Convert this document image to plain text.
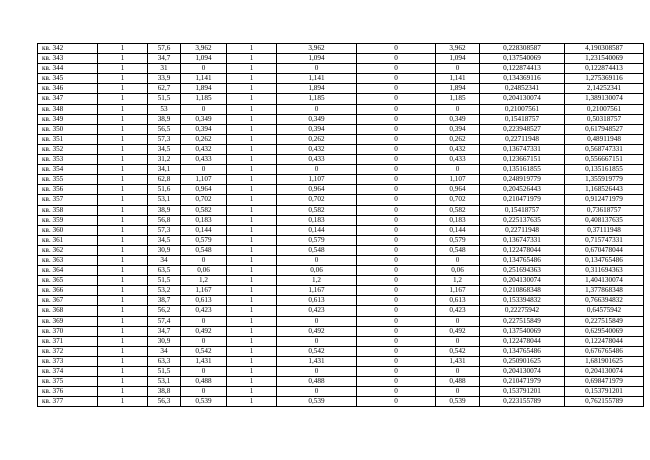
кв. 342	1	57,6	3,962	1	3,962	0	3,962	0,228308587	4,190308587
кв. 343	1	34,7	1,094	1	1,094	0	1,094	0,137540069	1,231540069
кв. 344	1	31	0	1	0	0	0	0,122874413	0,122874413
кв. 345	1	33,9	1,141	1	1,141	0	1,141	0,134369116	1,275369116
кв. 346	1	62,7	1,894	1	1,894	0	1,894	0,24852341	2,14252341
кв. 347	1	51,5	1,185	1	1,185	0	1,185	0,204130074	1,389130074
кв. 348	1	53	0	1	0	0	0	0,21007561	0,21007561
кв. 349	1	38,9	0,349	1	0,349	0	0,349	0,15418757	0,50318757
кв. 350	1	56,5	0,394	1	0,394	0	0,394	0,223948527	0,617948527
кв. 351	1	57,3	0,262	1	0,262	0	0,262	0,22711948	0,48911948
кв. 352	1	34,5	0,432	1	0,432	0	0,432	0,136747331	0,568747331
кв. 353	1	31,2	0,433	1	0,433	0	0,433	0,123667151	0,556667151
кв. 354	1	34,1	0	1	0	0	0	0,135161855	0,135161855
кв. 355	1	62,8	1,107	1	1,107	0	1,107	0,248919779	1,355919779
кв. 356	1	51,6	0,964	1	0,964	0	0,964	0,204526443	1,168526443
кв. 357	1	53,1	0,702	1	0,702	0	0,702	0,210471979	0,912471979
кв. 358	1	38,9	0,582	1	0,582	0	0,582	0,15418757	0,73618757
кв. 359	1	56,8	0,183	1	0,183	0	0,183	0,225137635	0,408137635
кв. 360	1	57,3	0,144	1	0,144	0	0,144	0,22711948	0,37111948
кв. 361	1	34,5	0,579	1	0,579	0	0,579	0,136747331	0,715747331
кв. 362	1	30,9	0,548	1	0,548	0	0,548	0,122478044	0,670478044
кв. 363	1	34	0	1	0	0	0	0,134765486	0,134765486
кв. 364	1	63,5	0,06	1	0,06	0	0,06	0,251694363	0,311694363
кв. 365	1	51,5	1,2	1	1,2	0	1,2	0,204130074	1,404130074
кв. 366	1	53,2	1,167	1	1,167	0	1,167	0,210868348	1,377868348
кв. 367	1	38,7	0,613	1	0,613	0	0,613	0,153394832	0,766394832
кв. 368	1	56,2	0,423	1	0,423	0	0,423	0,22275942	0,64575942
кв. 369	1	57,4	0	1	0	0	0	0,227515849	0,227515849
кв. 370	1	34,7	0,492	1	0,492	0	0,492	0,137540069	0,629540069
кв. 371	1	30,9	0	1	0	0	0	0,122478044	0,122478044
кв. 372	1	34	0,542	1	0,542	0	0,542	0,134765486	0,676765486
кв. 373	1	63,3	1,431	1	1,431	0	1,431	0,250901625	1,681901625
кв. 374	1	51,5	0	1	0	0	0	0,204130074	0,204130074
кв. 375	1	53,1	0,488	1	0,488	0	0,488	0,210471979	0,698471979
кв. 376	1	38,8	0	1	0	0	0	0,153791201	0,153791201
кв. 377	1	56,3	0,539	1	0,539	0	0,539	0,223155789	0,762155789
